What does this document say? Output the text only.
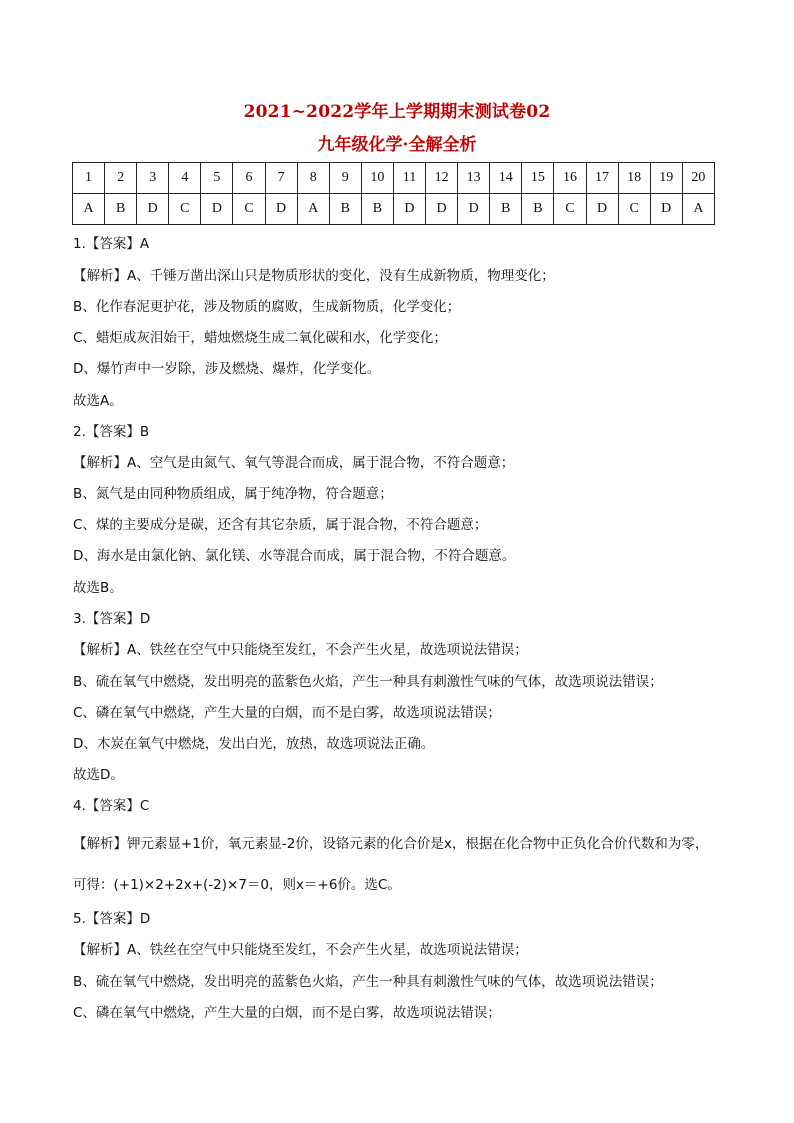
2021~2022学年上学期期末测试卷02
九年级化学·全解全析
1	2	3	4	5	6	7	8	9	10	11	12	13	14	15	16	17	18	19	20
A	B	D	C	D	C	D	A	B	B	D	D	D	B	B	C	D	C	D	A
1.【答案】A
【解析】A、千锤万凿出深山只是物质形状的变化，没有生成新物质，物理变化；
B、化作春泥更护花，涉及物质的腐败，生成新物质，化学变化；
C、蜡炬成灰泪始干，蜡烛燃烧生成二氧化碳和水，化学变化；
D、爆竹声中一岁除，涉及燃烧、爆炸，化学变化。
故选A。
2.【答案】B
【解析】A、空气是由氮气、氧气等混合而成，属于混合物，不符合题意；
B、氮气是由同种物质组成，属于纯净物，符合题意；
C、煤的主要成分是碳，还含有其它杂质，属于混合物，不符合题意；
D、海水是由氯化钠、氯化镁、水等混合而成，属于混合物，不符合题意。
故选B。
3.【答案】D
【解析】A、铁丝在空气中只能烧至发红，不会产生火星，故选项说法错误；
B、硫在氧气中燃烧，发出明亮的蓝紫色火焰，产生一种具有刺激性气味的气体，故选项说法错误；
C、磷在氧气中燃烧，产生大量的白烟，而不是白雾，故选项说法错误；
D、木炭在氧气中燃烧，发出白光，放热，故选项说法正确。
故选D。
4.【答案】C
【解析】钾元素显+1价，氧元素显-2价，设铬元素的化合价是x，根据在化合物中正负化合价代数和为零，
可得：(+1)×2+2x+(-2)×7＝0，则x＝+6价。选C。
5.【答案】D
【解析】A、铁丝在空气中只能烧至发红，不会产生火星，故选项说法错误；
B、硫在氧气中燃烧，发出明亮的蓝紫色火焰，产生一种具有刺激性气味的气体，故选项说法错误；
C、磷在氧气中燃烧，产生大量的白烟，而不是白雾，故选项说法错误；
